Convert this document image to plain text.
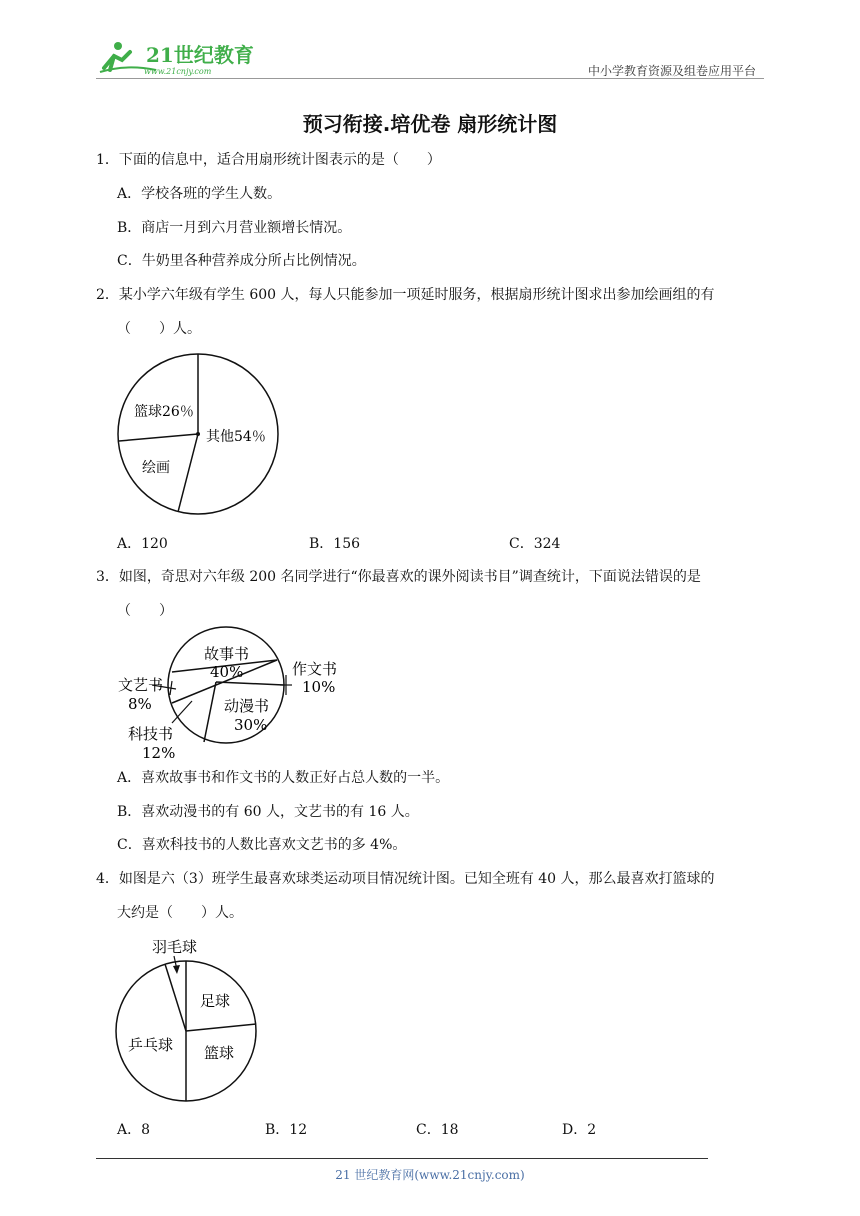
21世纪教育
www.21cnjy.com	中小学教育资源及组卷应用平台
预习衔接.培优卷 扇形统计图
1．下面的信息中，适合用扇形统计图表示的是（　　）
A．学校各班的学生人数。
B．商店一月到六月营业额增长情况。
C．牛奶里各种营养成分所占比例情况。
2．某小学六年级有学生 600 人，每人只能参加一项延时服务，根据扇形统计图求出参加绘画组的有
（　　）人。
篮球26％
其他54％
绘画
A．120	B．156	C．324
3．如图，奇思对六年级 200 名同学进行“你最喜欢的课外阅读书目”调查统计，下面说法错误的是
（　　）
故事书
40%	作文书
10%
动漫书
30%
文艺书
8%
科技书
12%
A．喜欢故事书和作文书的人数正好占总人数的一半。
B．喜欢动漫书的有 60 人，文艺书的有 16 人。
C．喜欢科技书的人数比喜欢文艺书的多 4%。
4．如图是六（3）班学生最喜欢球类运动项目情况统计图。已知全班有 40 人，那么最喜欢打篮球的
大约是（　　）人。
羽毛球
足球
篮球
乒乓球
A．8	B．12	C．18	D．2
21 世纪教育网(www.21cnjy.com)
